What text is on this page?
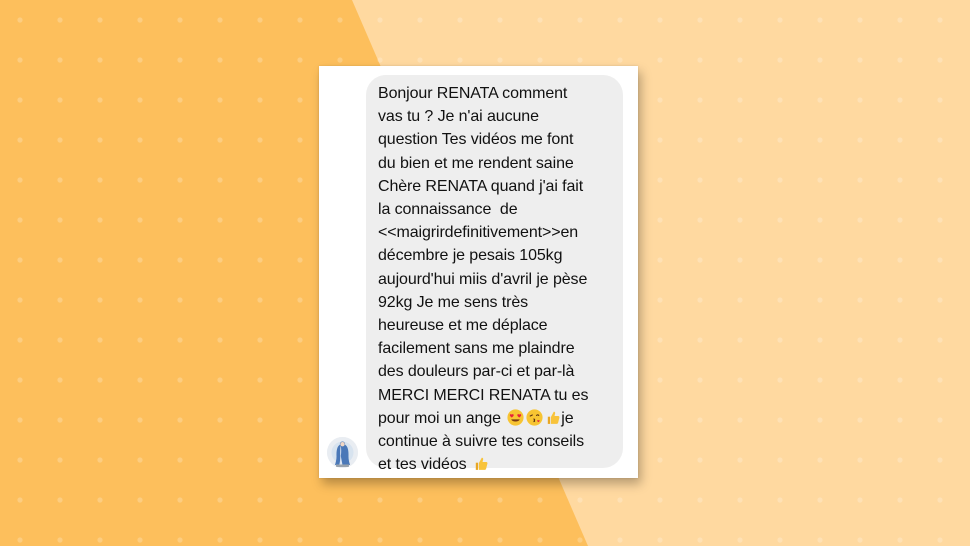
Bonjour RENATA comment
vas tu ? Je n'ai aucune
question Tes vidéos me font
du bien et me rendent saine
Chère RENATA quand j'ai fait
la connaissance  de
<<maigrirdefinitivement>>en
décembre je pesais 105kg
aujourd'hui miis d'avril je pèse
92kg Je me sens très
heureuse et me déplace
facilement sans me plaindre
des douleurs par-ci et par-là
MERCI MERCI RENATA tu es
pour moi un ange	je
continue à suivre tes conseils
et tes vidéos
